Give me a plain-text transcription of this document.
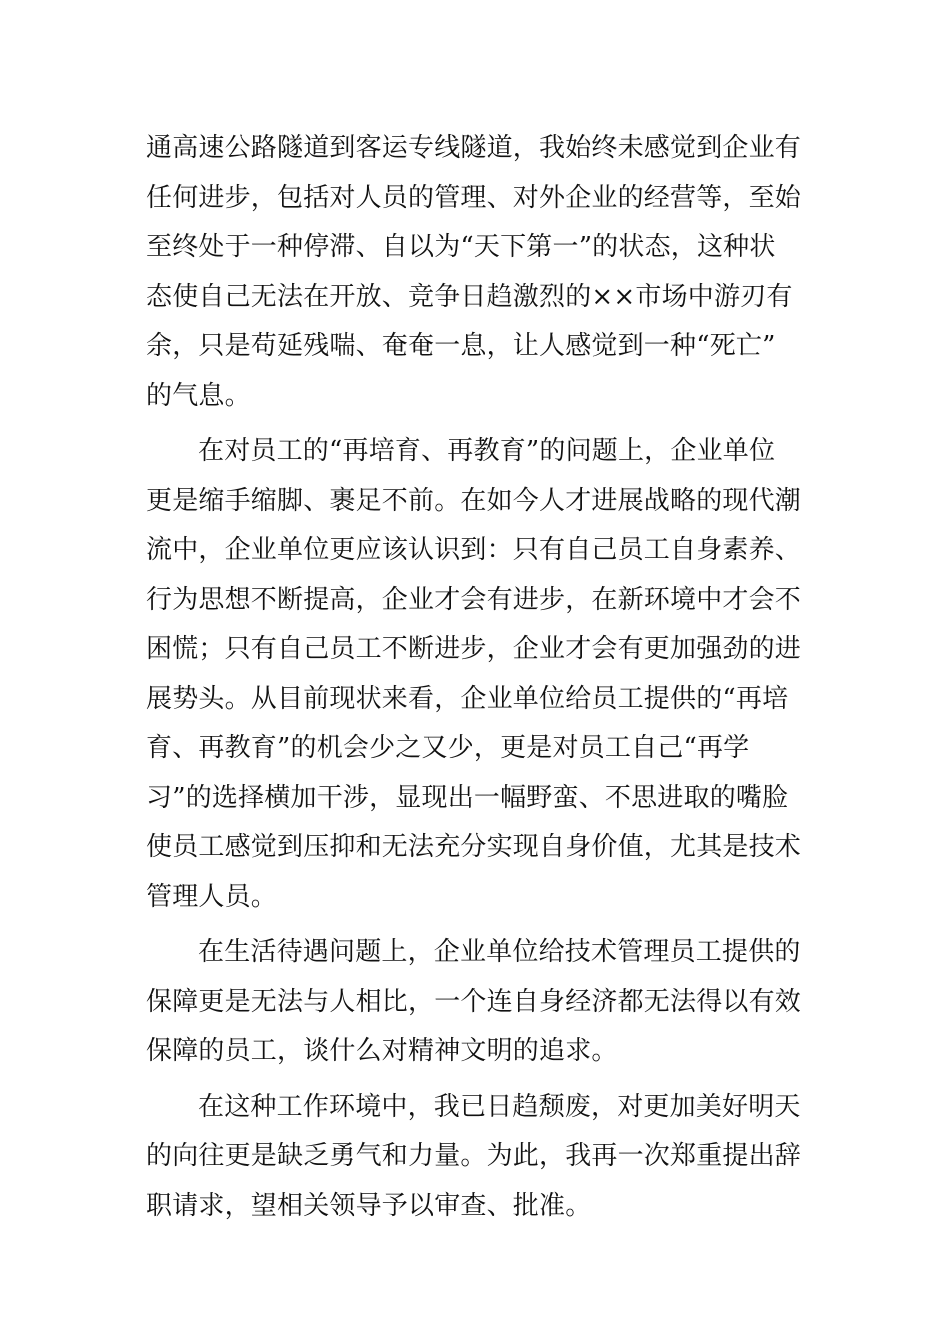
通高速公路隧道到客运专线隧道，我始终未感觉到企业有
任何进步，包括对人员的管理、对外企业的经营等，至始
至终处于一种停滞、自以为“天下第一”的状态，这种状
态使自己无法在开放、竞争日趋激烈的××市场中游刃有
余，只是苟延残喘、奄奄一息，让人感觉到一种“死亡”
的气息。

在对员工的“再培育、再教育”的问题上，企业单位
更是缩手缩脚、裹足不前。在如今人才进展战略的现代潮
流中，企业单位更应该认识到：只有自己员工自身素养、
行为思想不断提高，企业才会有进步，在新环境中才会不
困慌；只有自己员工不断进步，企业才会有更加强劲的进
展势头。从目前现状来看，企业单位给员工提供的“再培
育、再教育”的机会少之又少，更是对员工自己“再学
习”的选择横加干涉，显现出一幅野蛮、不思进取的嘴脸
使员工感觉到压抑和无法充分实现自身价值，尤其是技术
管理人员。

在生活待遇问题上，企业单位给技术管理员工提供的
保障更是无法与人相比，一个连自身经济都无法得以有效
保障的员工，谈什么对精神文明的追求。

在这种工作环境中，我已日趋颓废，对更加美好明天
的向往更是缺乏勇气和力量。为此，我再一次郑重提出辞
职请求，望相关领导予以审查、批准。
